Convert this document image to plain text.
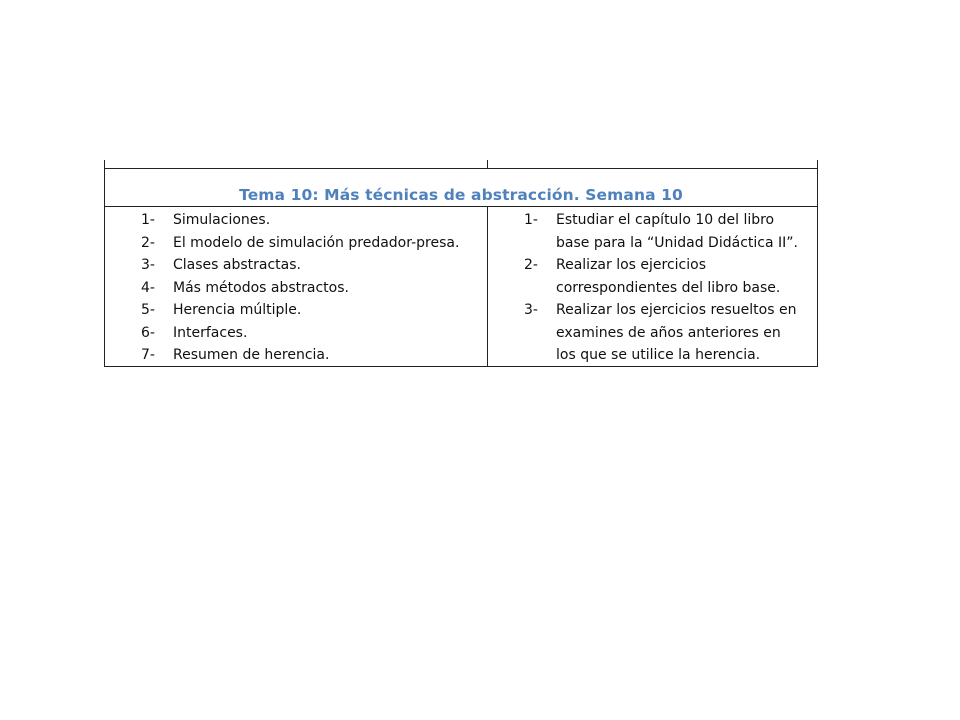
Tema 10: Más técnicas de abstracción. Semana 10
1- Simulaciones.
2- El modelo de simulación predador-presa.
3- Clases abstractas.
4- Más métodos abstractos.
5- Herencia múltiple.
6- Interfaces.
7- Resumen de herencia.
1- Estudiar el capítulo 10 del libro
base para la “Unidad Didáctica II”.
2- Realizar los ejercicios
correspondientes del libro base.
3- Realizar los ejercicios resueltos en
examines de años anteriores en
los que se utilice la herencia.
